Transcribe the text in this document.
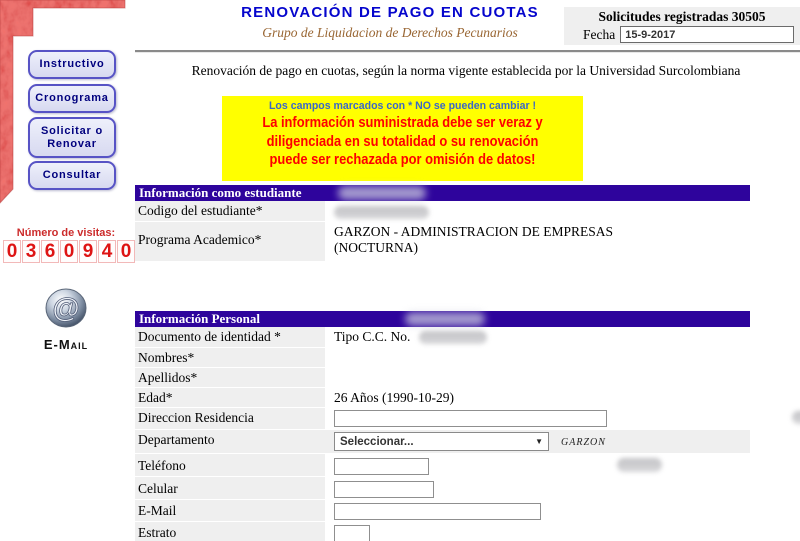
Instructivo
Cronograma
Solicitar o Renovar
Consultar
Número de visitas:
0 3 6 0 9 4 0
@
E-Mail
RENOVACIÓN DE PAGO EN CUOTAS
Grupo de Liquidacion de Derechos Pecunarios
Solicitudes registradas 30505
Fecha
15-9-2017
Renovación de pago en cuotas, según la norma vigente establecida por la Universidad Surcolombiana
Los campos marcados con * NO se pueden cambiar !
La información suministrada debe ser veraz y diligenciada en su totalidad o su renovación puede ser rechazada por omisión de datos!
Información como estudiante
Codigo del estudiante*
Programa Academico*
GARZON - ADMINISTRACION DE EMPRESAS (NOCTURNA)
Información Personal
Documento de identidad *	Tipo C.C. No.
Nombres*
Apellidos*
Edad*	26 Años (1990-10-29)
Direccion Residencia
Departamento	Seleccionar...	▼ GARZON
Teléfono
Celular
E-Mail
Estrato
